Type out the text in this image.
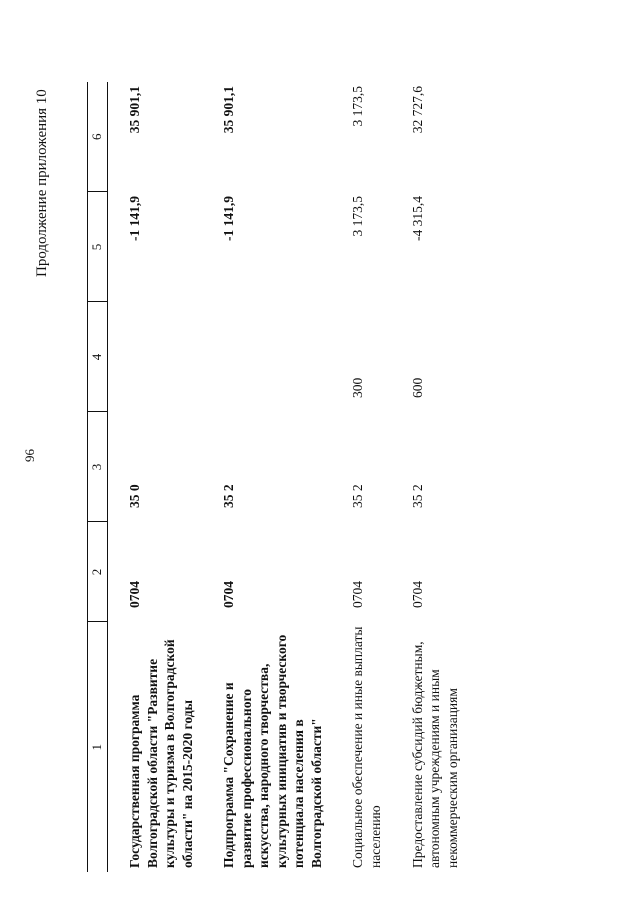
96
Продолжение приложения 10
1	2	3	4	5	6
Государственная программа Волгоградской области "Развитие культуры и туризма в Волгоградской области" на 2015-2020 годы	0704	35 0		-1 141,9	35 901,1
Подпрограмма "Сохранение и развитие профессионального искусства, народного творчества, культурных инициатив и творческого потенциала населения в Волгоградской области"	0704	35 2		-1 141,9	35 901,1
Социальное обеспечение и иные выплаты населению	0704	35 2	300	3 173,5	3 173,5
Предоставление субсидий бюджетным, автономным учреждениям и иным некоммерческим организациям	0704	35 2	600	-4 315,4	32 727,6
